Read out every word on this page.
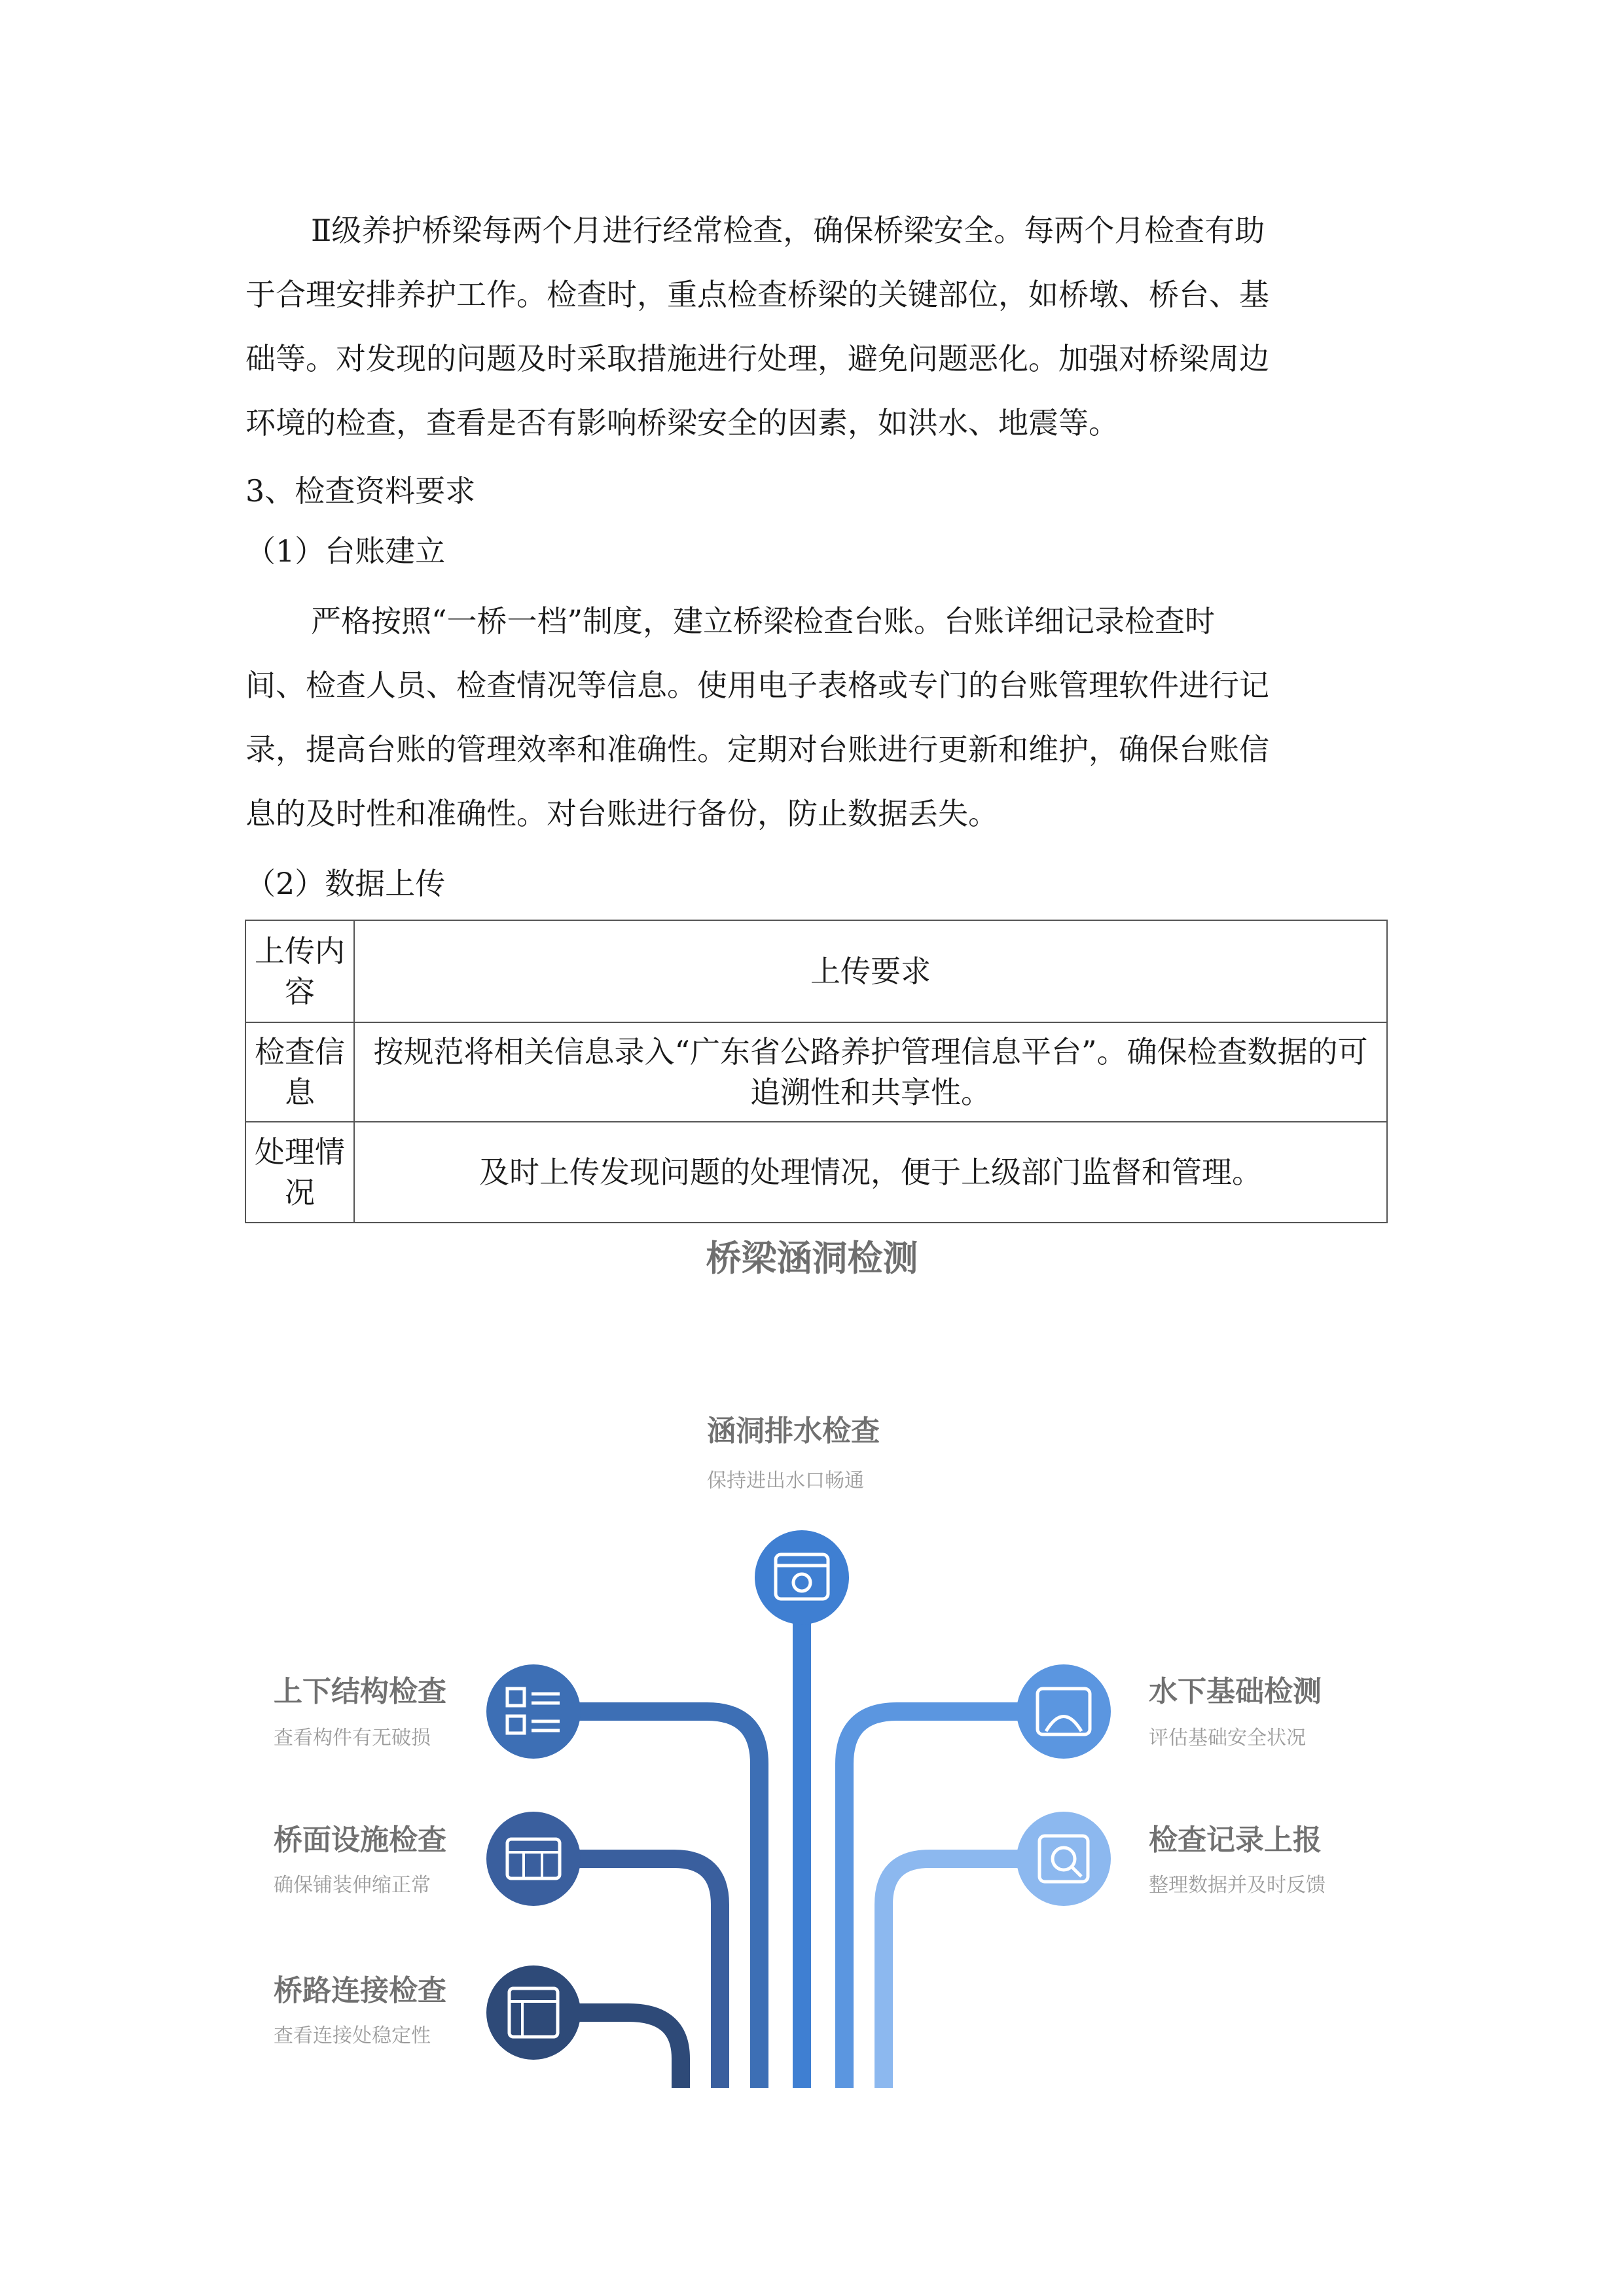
Ⅱ级养护桥梁每两个月进行经常检查，确保桥梁安全。每两个月检查有助
于合理安排养护工作。检查时，重点检查桥梁的关键部位，如桥墩、桥台、基
础等。对发现的问题及时采取措施进行处理，避免问题恶化。加强对桥梁周边
环境的检查，查看是否有影响桥梁安全的因素，如洪水、地震等。
3、检查资料要求
（1）台账建立
严格按照“一桥一档”制度，建立桥梁检查台账。台账详细记录检查时
间、检查人员、检查情况等信息。使用电子表格或专门的台账管理软件进行记
录，提高台账的管理效率和准确性。定期对台账进行更新和维护，确保台账信
息的及时性和准确性。对台账进行备份，防止数据丢失。
（2）数据上传
上传内容	上传要求
检查信息	按规范将相关信息录入“广东省公路养护管理信息平台”。确保检查数据的可追溯性和共享性。
处理情况	及时上传发现问题的处理情况，便于上级部门监督和管理。
桥梁涵洞检测
涵洞排水检查
保持进出水口畅通
上下结构检查
查看构件有无破损
桥面设施检查
确保铺装伸缩正常
桥路连接检查
查看连接处稳定性
水下基础检测
评估基础安全状况
检查记录上报
整理数据并及时反馈
